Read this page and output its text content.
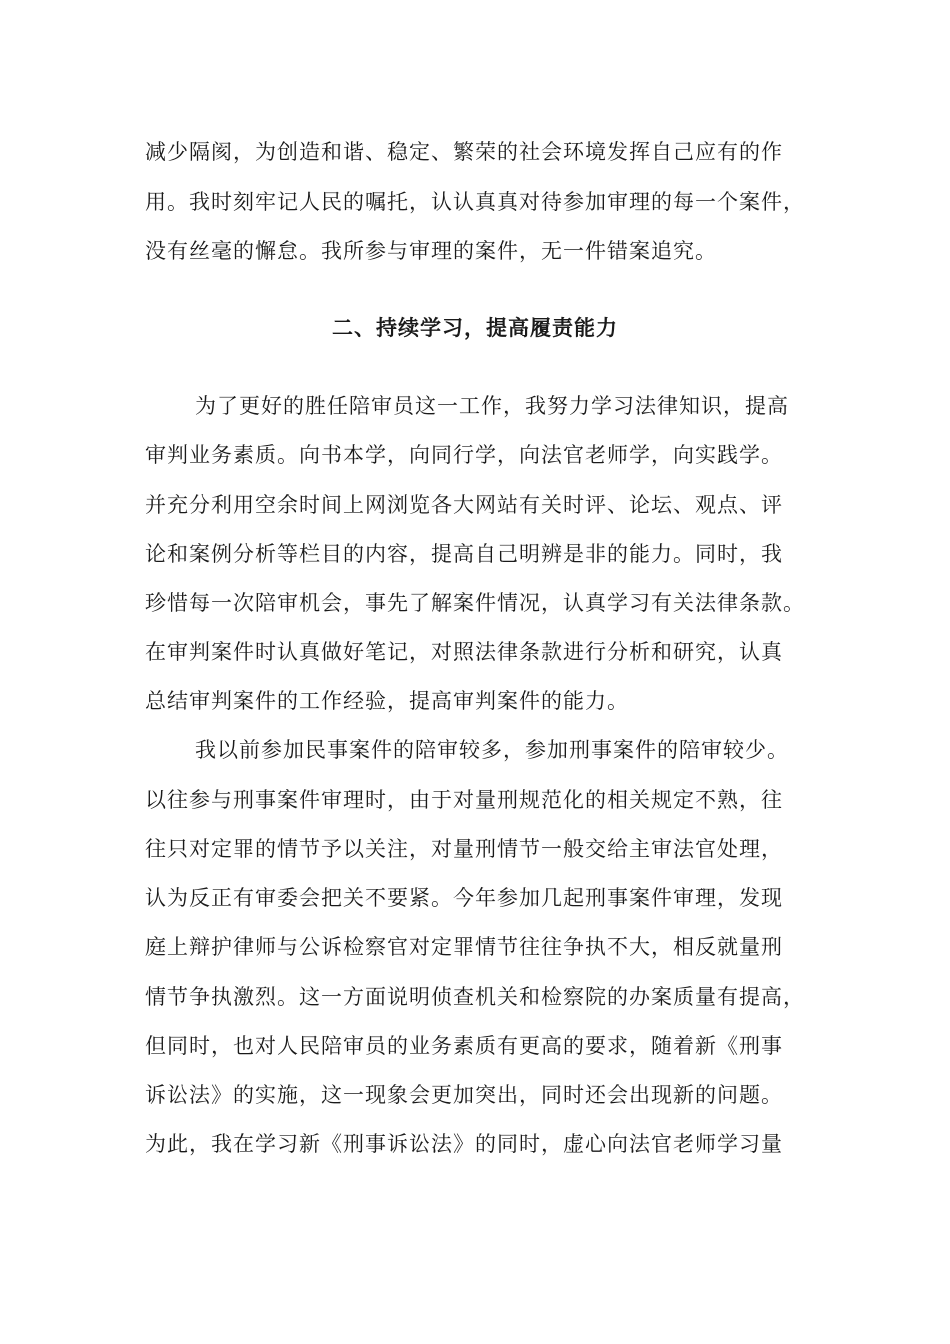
减少隔阂，为创造和谐、稳定、繁荣的社会环境发挥自己应有的作
用。我时刻牢记人民的嘱托，认认真真对待参加审理的每一个案件，
没有丝毫的懈怠。我所参与审理的案件，无一件错案追究。
二、持续学习，提高履责能力
为了更好的胜任陪审员这一工作，我努力学习法律知识，提高
审判业务素质。向书本学，向同行学，向法官老师学，向实践学。
并充分利用空余时间上网浏览各大网站有关时评、论坛、观点、评
论和案例分析等栏目的内容，提高自己明辨是非的能力。同时，我
珍惜每一次陪审机会，事先了解案件情况，认真学习有关法律条款。
在审判案件时认真做好笔记，对照法律条款进行分析和研究，认真
总结审判案件的工作经验，提高审判案件的能力。
我以前参加民事案件的陪审较多，参加刑事案件的陪审较少。
以往参与刑事案件审理时，由于对量刑规范化的相关规定不熟，往
往只对定罪的情节予以关注，对量刑情节一般交给主审法官处理，
认为反正有审委会把关不要紧。今年参加几起刑事案件审理，发现
庭上辩护律师与公诉检察官对定罪情节往往争执不大，相反就量刑
情节争执激烈。这一方面说明侦查机关和检察院的办案质量有提高，
但同时，也对人民陪审员的业务素质有更高的要求，随着新《刑事
诉讼法》的实施，这一现象会更加突出，同时还会出现新的问题。
为此，我在学习新《刑事诉讼法》的同时，虚心向法官老师学习量
